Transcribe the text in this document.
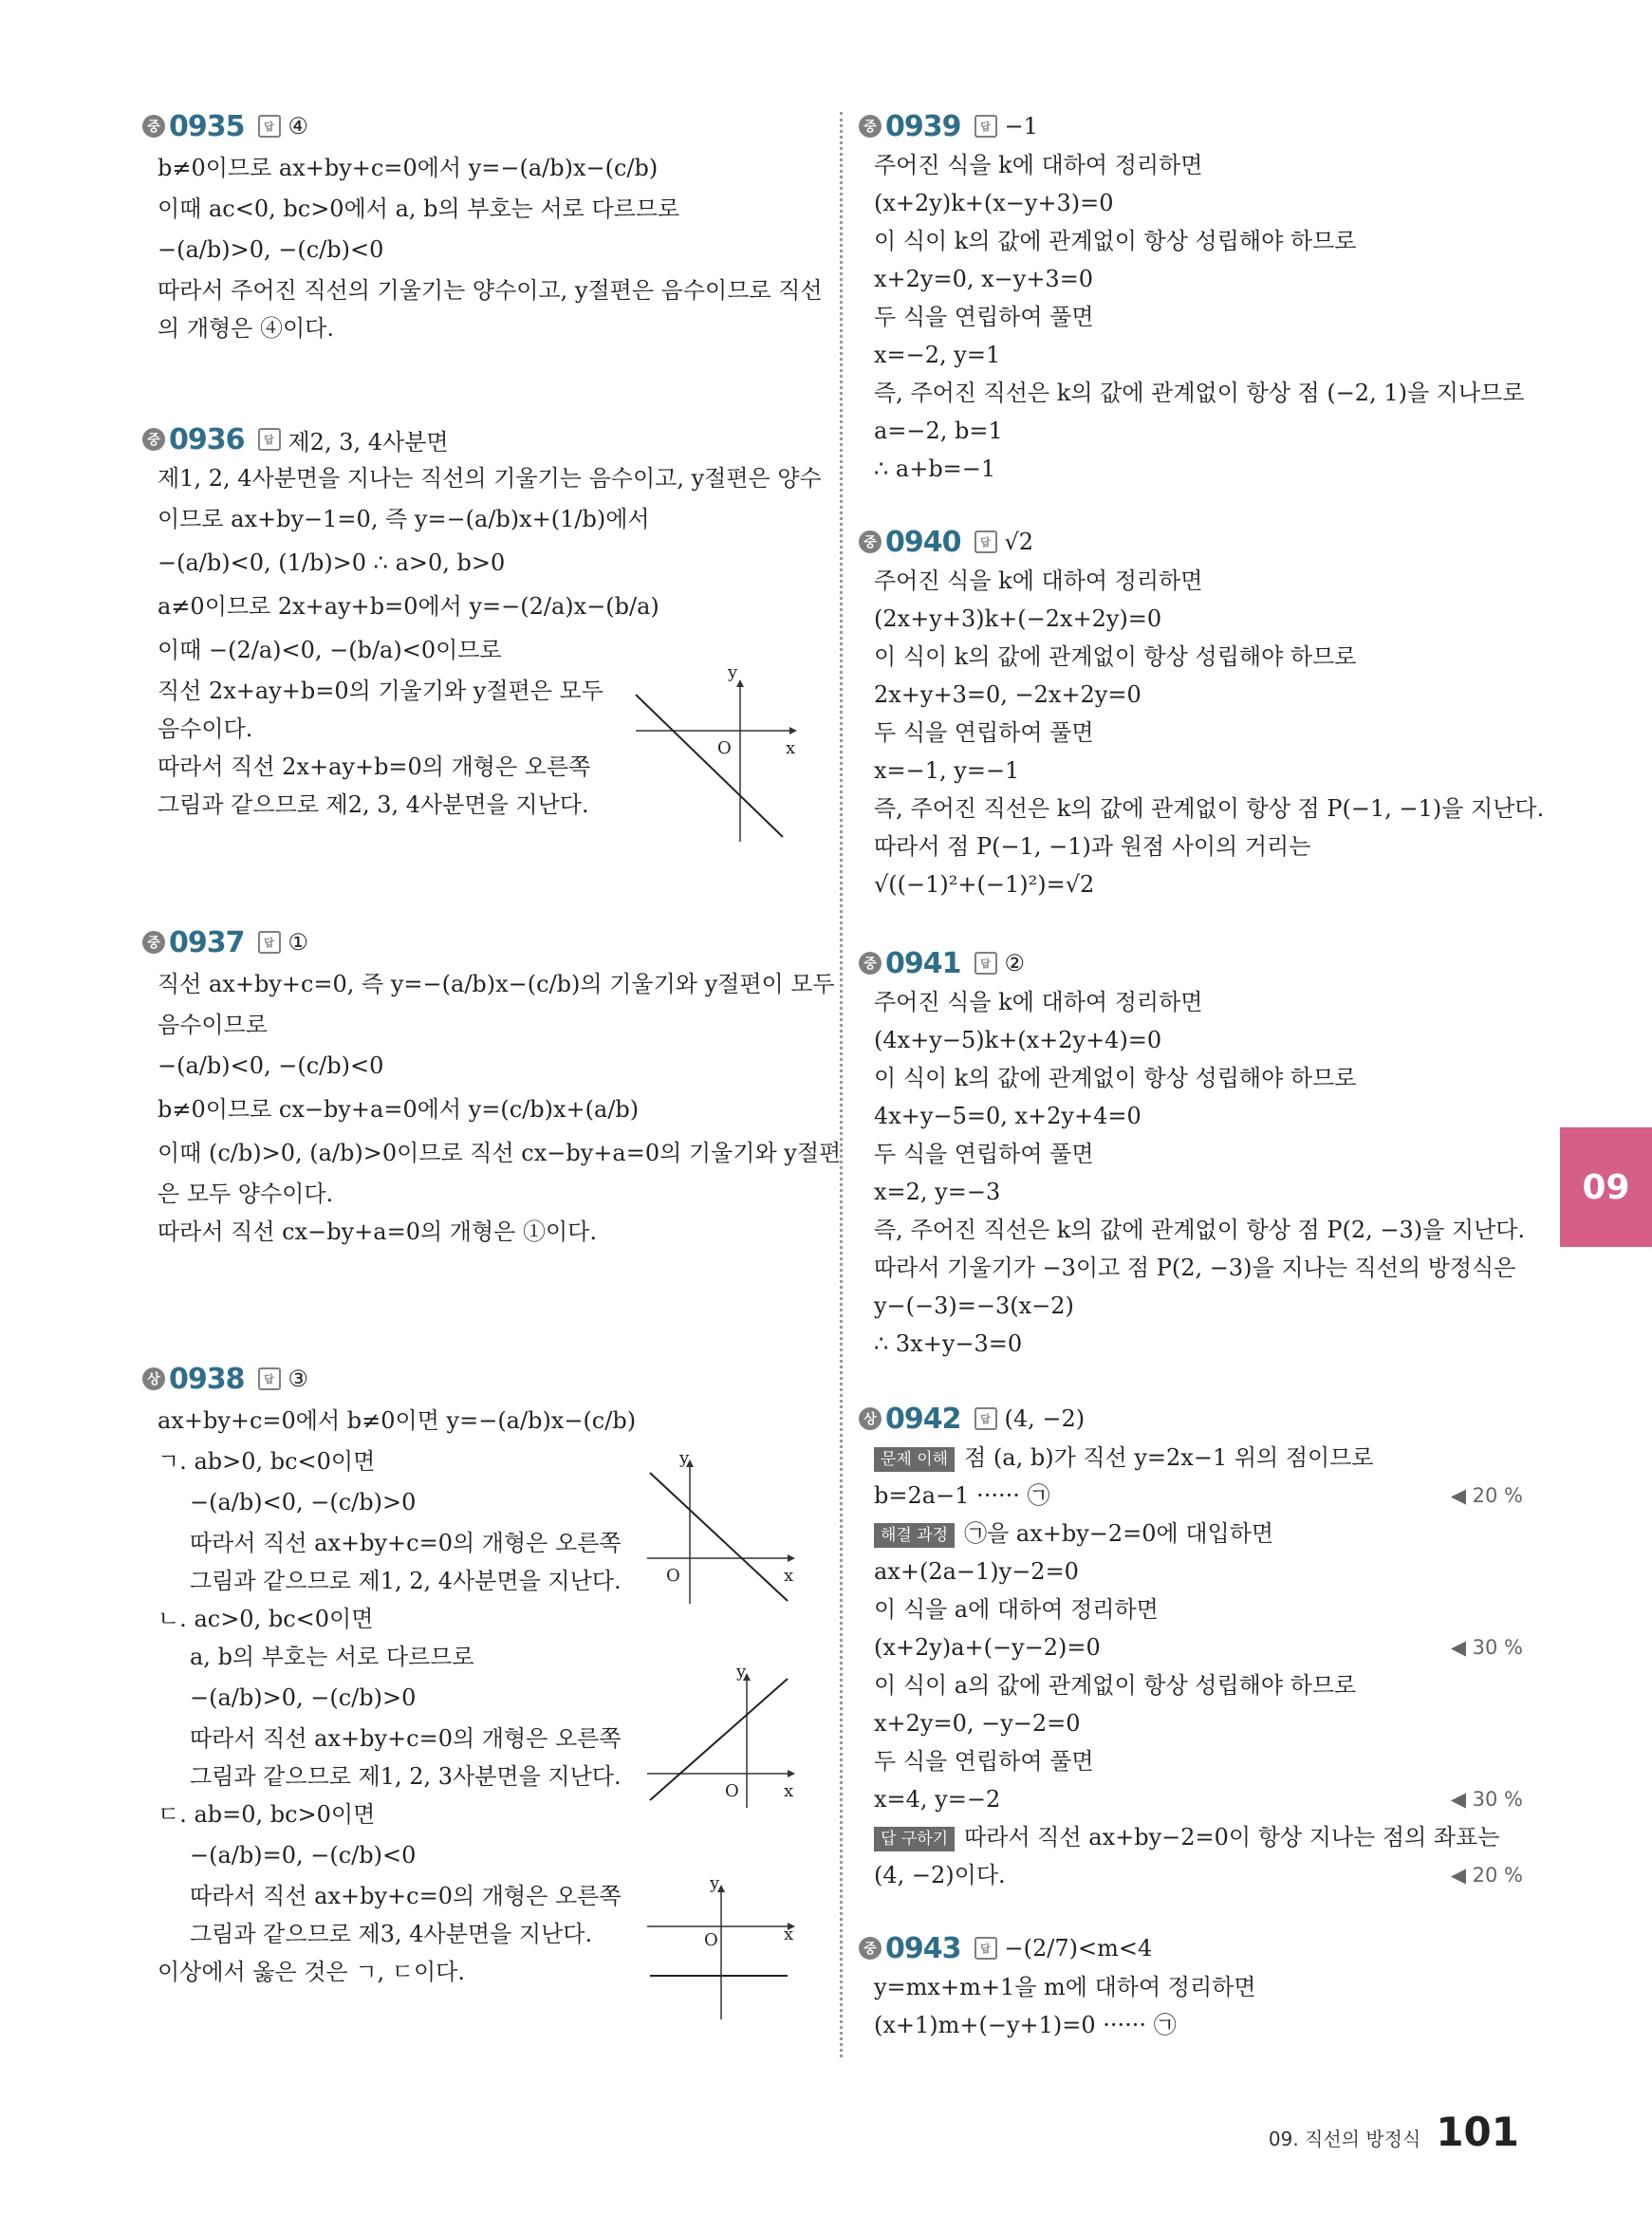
중 0935	답 ④
b≠0이므로 ax+by+c=0에서 y=−(a/b)x−(c/b)
이때 ac<0, bc>0에서 a, b의 부호는 서로 다르므로
−(a/b)>0, −(c/b)<0
따라서 주어진 직선의 기울기는 양수이고, y절편은 음수이므로 직선
의 개형은 ④이다.
중 0936	답 제2, 3, 4사분면
제1, 2, 4사분면을 지나는 직선의 기울기는 음수이고, y절편은 양수
이므로 ax+by−1=0, 즉 y=−(a/b)x+(1/b)에서
−(a/b)<0, (1/b)>0 ∴ a>0, b>0
a≠0이므로 2x+ay+b=0에서 y=−(2/a)x−(b/a)
이때 −(2/a)<0, −(b/a)<0이므로
직선 2x+ay+b=0의 기울기와 y절편은 모두
음수이다.
따라서 직선 2x+ay+b=0의 개형은 오른쪽
그림과 같으므로 제2, 3, 4사분면을 지난다.
y
x
O
중 0937	답 ①
직선 ax+by+c=0, 즉 y=−(a/b)x−(c/b)의 기울기와 y절편이 모두
음수이므로
−(a/b)<0, −(c/b)<0
b≠0이므로 cx−by+a=0에서 y=(c/b)x+(a/b)
이때 (c/b)>0, (a/b)>0이므로 직선 cx−by+a=0의 기울기와 y절편
은 모두 양수이다.
따라서 직선 cx−by+a=0의 개형은 ①이다.
상 0938	답 ③
ax+by+c=0에서 b≠0이면 y=−(a/b)x−(c/b)
ㄱ. ab>0, bc<0이면
−(a/b)<0, −(c/b)>0
따라서 직선 ax+by+c=0의 개형은 오른쪽
그림과 같으므로 제1, 2, 4사분면을 지난다.
ㄴ. ac>0, bc<0이면
a, b의 부호는 서로 다르므로
−(a/b)>0, −(c/b)>0
따라서 직선 ax+by+c=0의 개형은 오른쪽
그림과 같으므로 제1, 2, 3사분면을 지난다.
ㄷ. ab=0, bc>0이면
−(a/b)=0, −(c/b)<0
따라서 직선 ax+by+c=0의 개형은 오른쪽
그림과 같으므로 제3, 4사분면을 지난다.
이상에서 옳은 것은 ㄱ, ㄷ이다.
y
x
O
y
x
O
y
x
O
중 0939	답 −1
주어진 식을 k에 대하여 정리하면
(x+2y)k+(x−y+3)=0
이 식이 k의 값에 관계없이 항상 성립해야 하므로
x+2y=0, x−y+3=0
두 식을 연립하여 풀면
x=−2, y=1
즉, 주어진 직선은 k의 값에 관계없이 항상 점 (−2, 1)을 지나므로
a=−2, b=1
∴ a+b=−1
중 0940	답 √2
주어진 식을 k에 대하여 정리하면
(2x+y+3)k+(−2x+2y)=0
이 식이 k의 값에 관계없이 항상 성립해야 하므로
2x+y+3=0, −2x+2y=0
두 식을 연립하여 풀면
x=−1, y=−1
즉, 주어진 직선은 k의 값에 관계없이 항상 점 P(−1, −1)을 지난다.
따라서 점 P(−1, −1)과 원점 사이의 거리는
√((−1)²+(−1)²)=√2
중 0941	답 ②
주어진 식을 k에 대하여 정리하면
(4x+y−5)k+(x+2y+4)=0
이 식이 k의 값에 관계없이 항상 성립해야 하므로
4x+y−5=0, x+2y+4=0
두 식을 연립하여 풀면
x=2, y=−3
즉, 주어진 직선은 k의 값에 관계없이 항상 점 P(2, −3)을 지난다.
따라서 기울기가 −3이고 점 P(2, −3)을 지나는 직선의 방정식은
y−(−3)=−3(x−2)
∴ 3x+y−3=0
상 0942	답 (4, −2)
문제 이해 점 (a, b)가 직선 y=2x−1 위의 점이므로
b=2a−1 ······ ㉠	◀ 20 %
해결 과정 ㉠을 ax+by−2=0에 대입하면
ax+(2a−1)y−2=0
이 식을 a에 대하여 정리하면
(x+2y)a+(−y−2)=0	◀ 30 %
이 식이 a의 값에 관계없이 항상 성립해야 하므로
x+2y=0, −y−2=0
두 식을 연립하여 풀면
x=4, y=−2	◀ 30 %
답 구하기 따라서 직선 ax+by−2=0이 항상 지나는 점의 좌표는
(4, −2)이다.	◀ 20 %
중 0943	답 −(2/7)<m<4
y=mx+m+1을 m에 대하여 정리하면
(x+1)m+(−y+1)=0 ······ ㉠
09
09. 직선의 방정식 101
